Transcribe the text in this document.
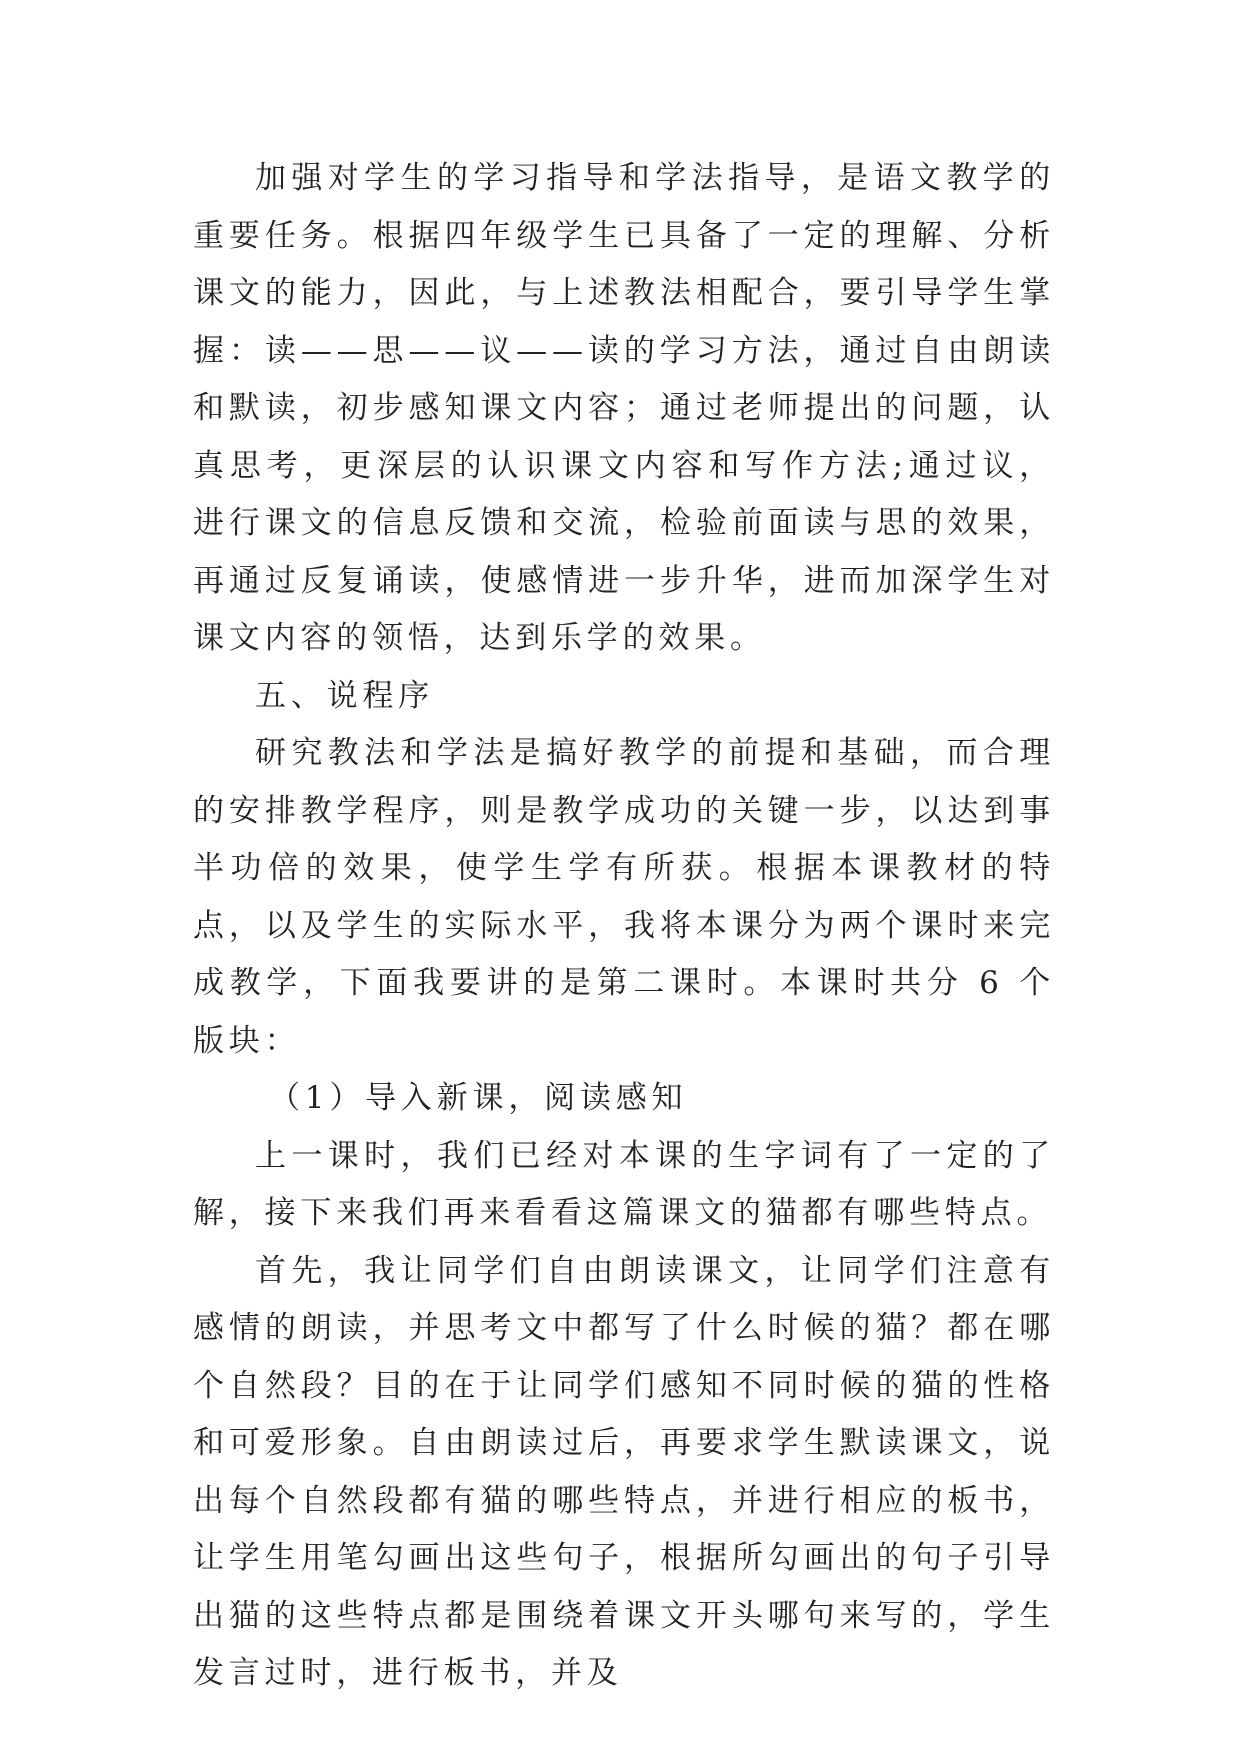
加强对学生的学习指导和学法指导，是语文教学的重要任务。根据四年级学生已具备了一定的理解、分析课文的能力，因此，与上述教法相配合，要引导学生掌握：读——思——议——读的学习方法，通过自由朗读和默读，初步感知课文内容；通过老师提出的问题，认真思考，更深层的认识课文内容和写作方法;通过议，进行课文的信息反馈和交流，检验前面读与思的效果，再通过反复诵读，使感情进一步升华，进而加深学生对课文内容的领悟，达到乐学的效果。

五、说程序

研究教法和学法是搞好教学的前提和基础，而合理的安排教学程序，则是教学成功的关键一步，以达到事半功倍的效果，使学生学有所获。根据本课教材的特点，以及学生的实际水平，我将本课分为两个课时来完成教学，下面我要讲的是第二课时。本课时共分 6 个版块：

（1）导入新课，阅读感知

上一课时，我们已经对本课的生字词有了一定的了解，接下来我们再来看看这篇课文的猫都有哪些特点。

首先，我让同学们自由朗读课文，让同学们注意有感情的朗读，并思考文中都写了什么时候的猫？都在哪个自然段？目的在于让同学们感知不同时候的猫的性格和可爱形象。自由朗读过后，再要求学生默读课文，说出每个自然段都有猫的哪些特点，并进行相应的板书，让学生用笔勾画出这些句子，根据所勾画出的句子引导出猫的这些特点都是围绕着课文开头哪句来写的，学生发言过时，进行板书，并及
